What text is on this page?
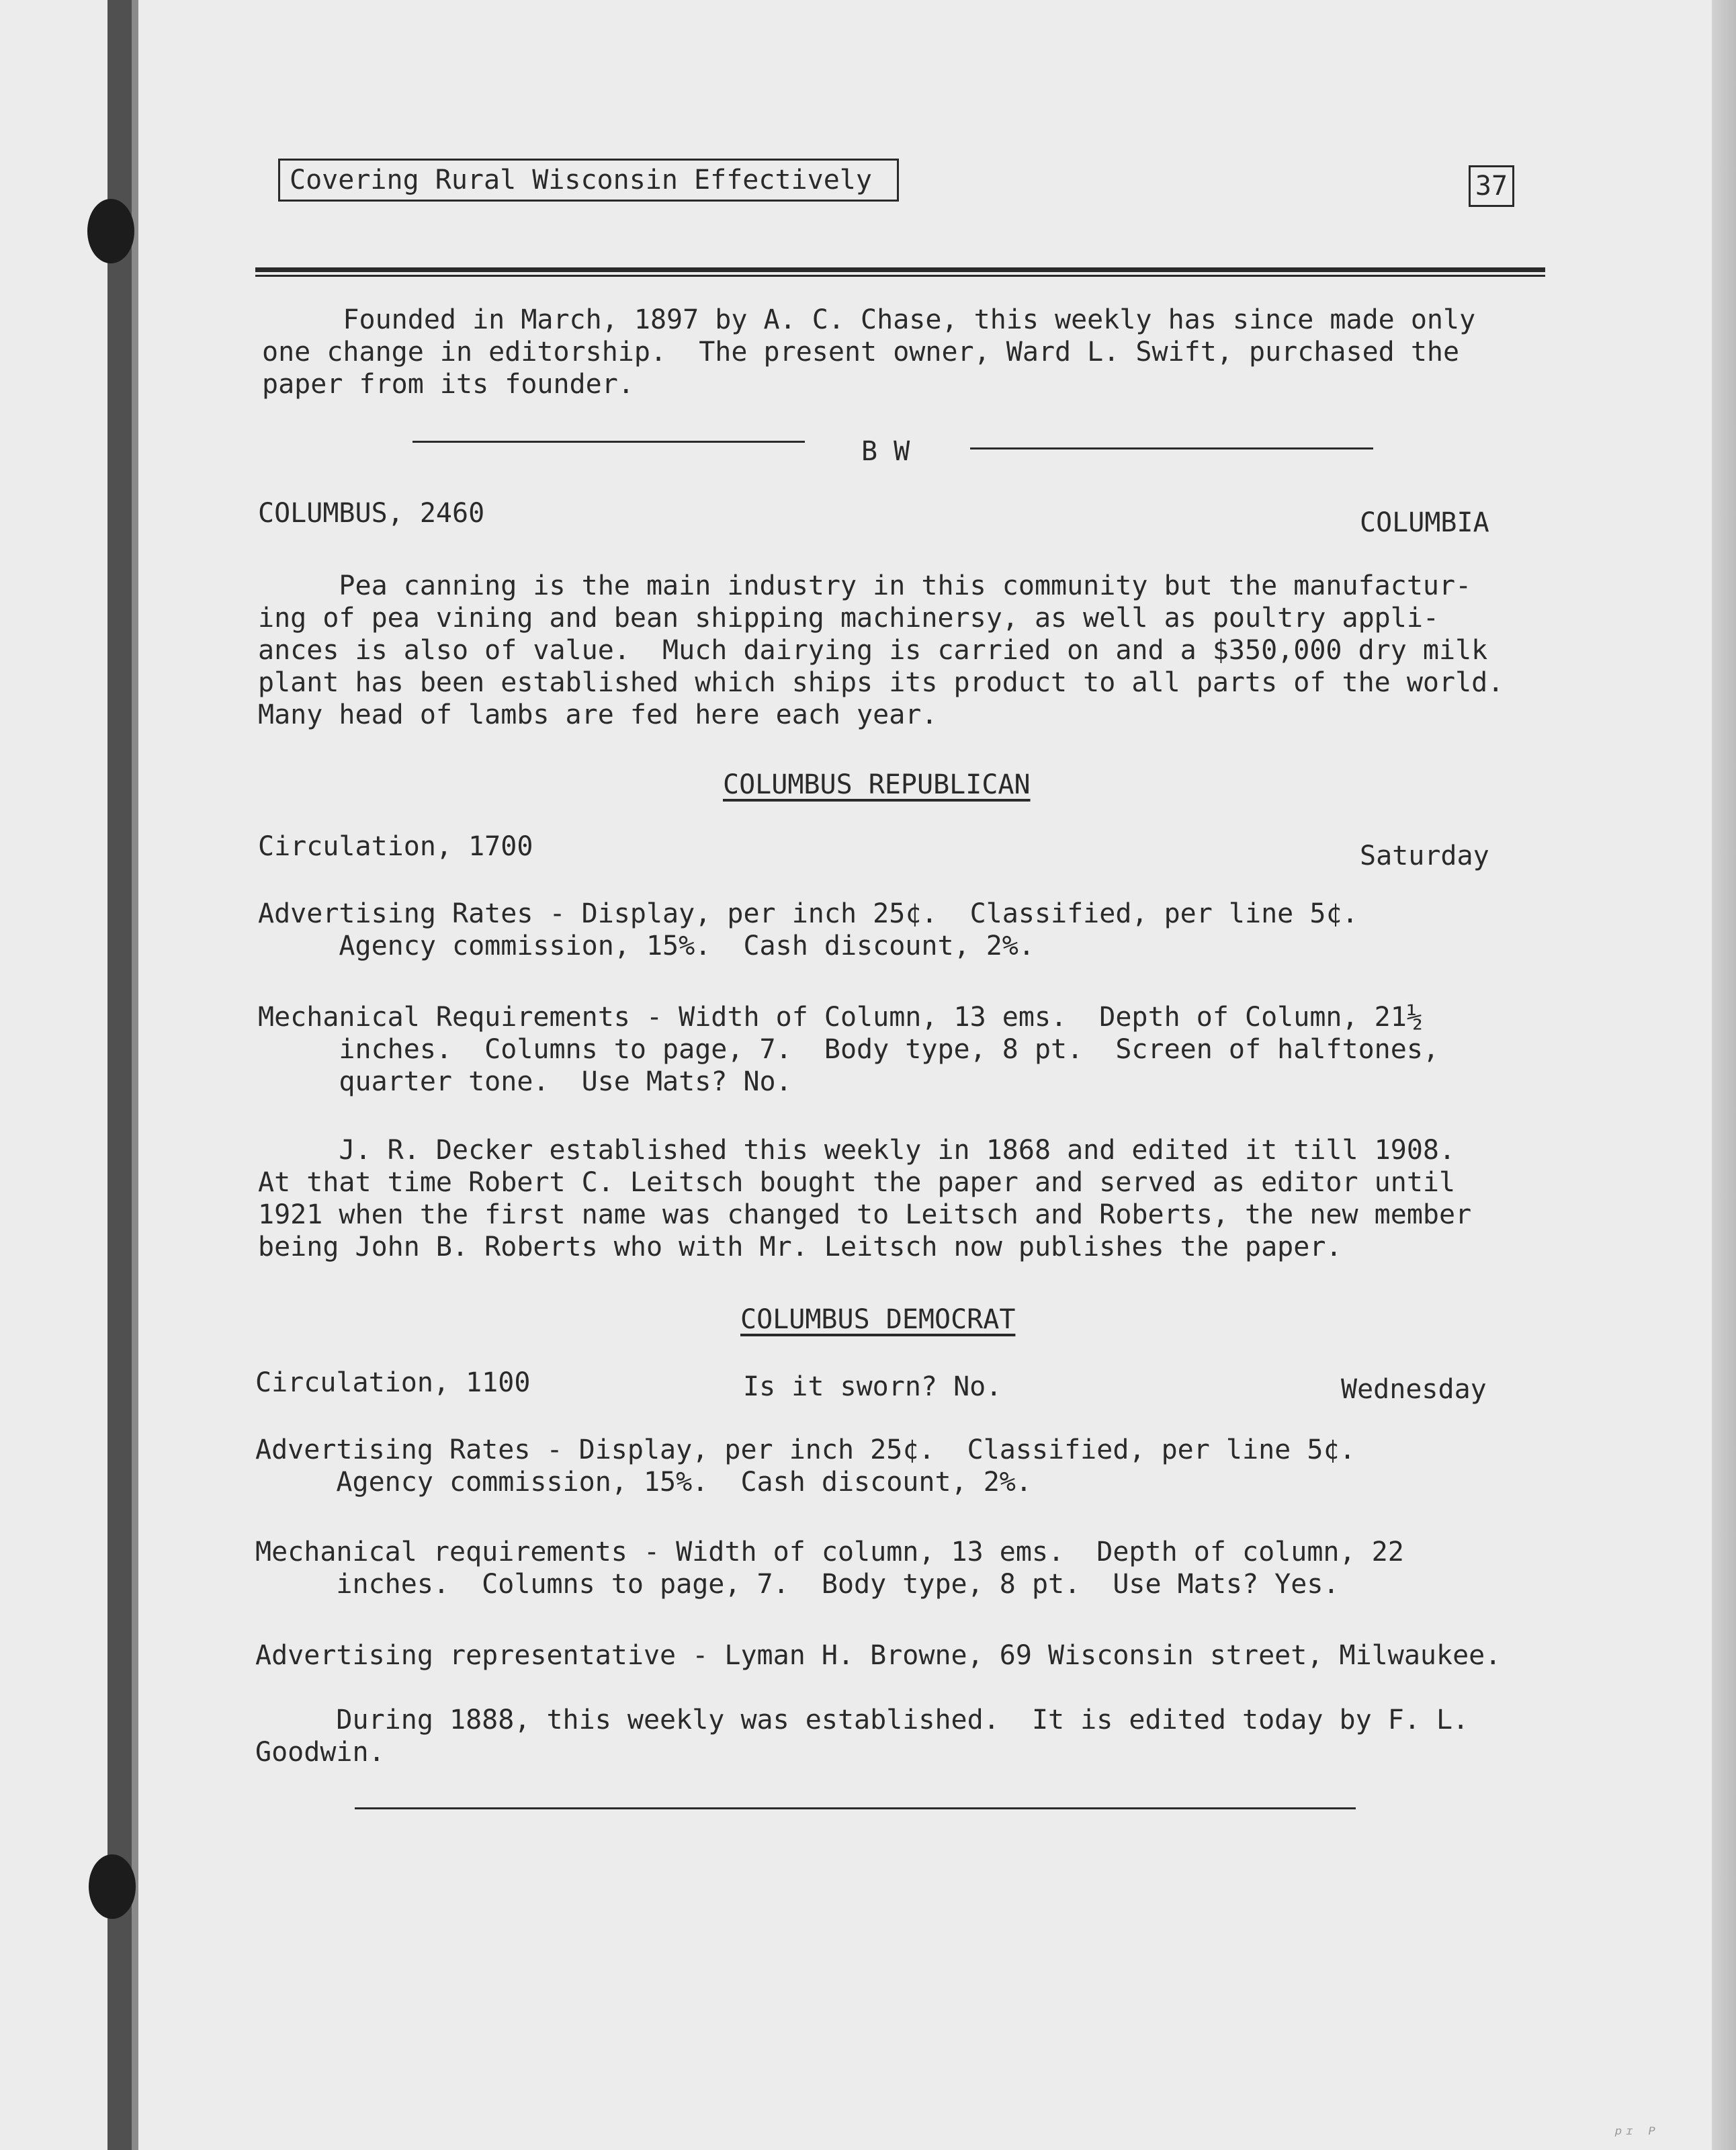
Covering Rural Wisconsin Effectively	37

Founded in March, 1897 by A. C. Chase, this weekly has since made only

one change in editorship.  The present owner, Ward L. Swift, purchased the

paper from its founder.

B W

COLUMBUS, 2460	COLUMBIA

Pea canning is the main industry in this community but the manufactur-

ing of pea vining and bean shipping machinersy, as well as poultry appli-

ances is also of value.  Much dairying is carried on and a $350,000 dry milk

plant has been established which ships its product to all parts of the world.

Many head of lambs are fed here each year.

COLUMBUS REPUBLICAN

Circulation, 1700	Saturday

Advertising Rates - Display, per inch 25¢.  Classified, per line 5¢.

Agency commission, 15%.  Cash discount, 2%.

Mechanical Requirements - Width of Column, 13 ems.  Depth of Column, 21½

inches.  Columns to page, 7.  Body type, 8 pt.  Screen of halftones,

quarter tone.  Use Mats? No.

J. R. Decker established this weekly in 1868 and edited it till 1908.

At that time Robert C. Leitsch bought the paper and served as editor until

1921 when the first name was changed to Leitsch and Roberts, the new member

being John B. Roberts who with Mr. Leitsch now publishes the paper.

COLUMBUS DEMOCRAT

Circulation, 1100	Is it sworn? No.	Wednesday

Advertising Rates - Display, per inch 25¢.  Classified, per line 5¢.

Agency commission, 15%.  Cash discount, 2%.

Mechanical requirements - Width of column, 13 ems.  Depth of column, 22

inches.  Columns to page, 7.  Body type, 8 pt.  Use Mats? Yes.

Advertising representative - Lyman H. Browne, 69 Wisconsin street, Milwaukee.

During 1888, this weekly was established.  It is edited today by F. L.

Goodwin.

ᵖᶦ ᴾ
